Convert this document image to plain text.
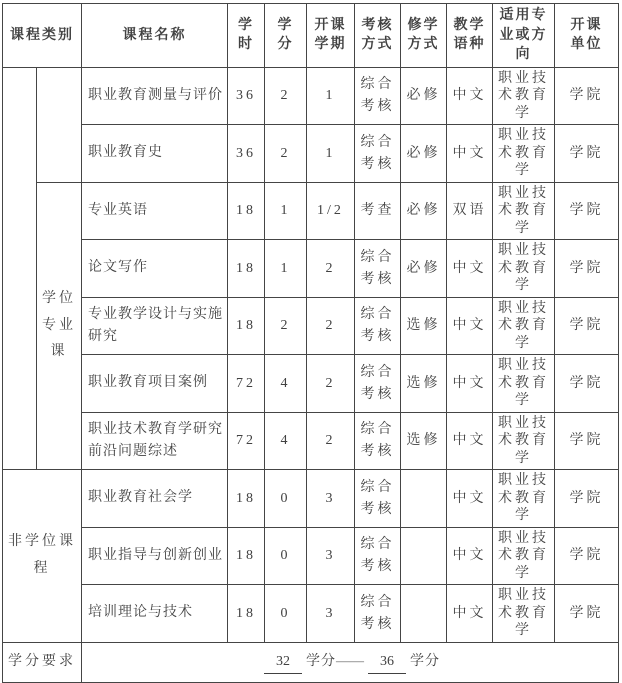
课程类别		课程名称	学时	学分	开课学期	考核方式	修学方式	教学语种	适用专业或方向	开课单位
		职业教育测量与评价	36	2	1	综合考核	必修	中文	职业技术教育学	学院
		职业教育史	36	2	1	综合考核	必修	中文	职业技术教育学	学院
	学位专业课	专业英语	18	1	1/2	考查	必修	双语	职业技术教育学	学院
		论文写作	18	1	2	综合考核	必修	中文	职业技术教育学	学院
		专业教学设计与实施研究	18	2	2	综合考核	选修	中文	职业技术教育学	学院
		职业教育项目案例	72	4	2	综合考核	选修	中文	职业技术教育学	学院
		职业技术教育学研究前沿问题综述	72	4	2	综合考核	选修	中文	职业技术教育学	学院
非学位课程		职业教育社会学	18	0	3	综合考核		中文	职业技术教育学	学院
		职业指导与创新创业	18	0	3	综合考核		中文	职业技术教育学	学院
		培训理论与技术	18	0	3	综合考核		中文	职业技术教育学	学院
学分要求		32 学分—— 36 学分								
